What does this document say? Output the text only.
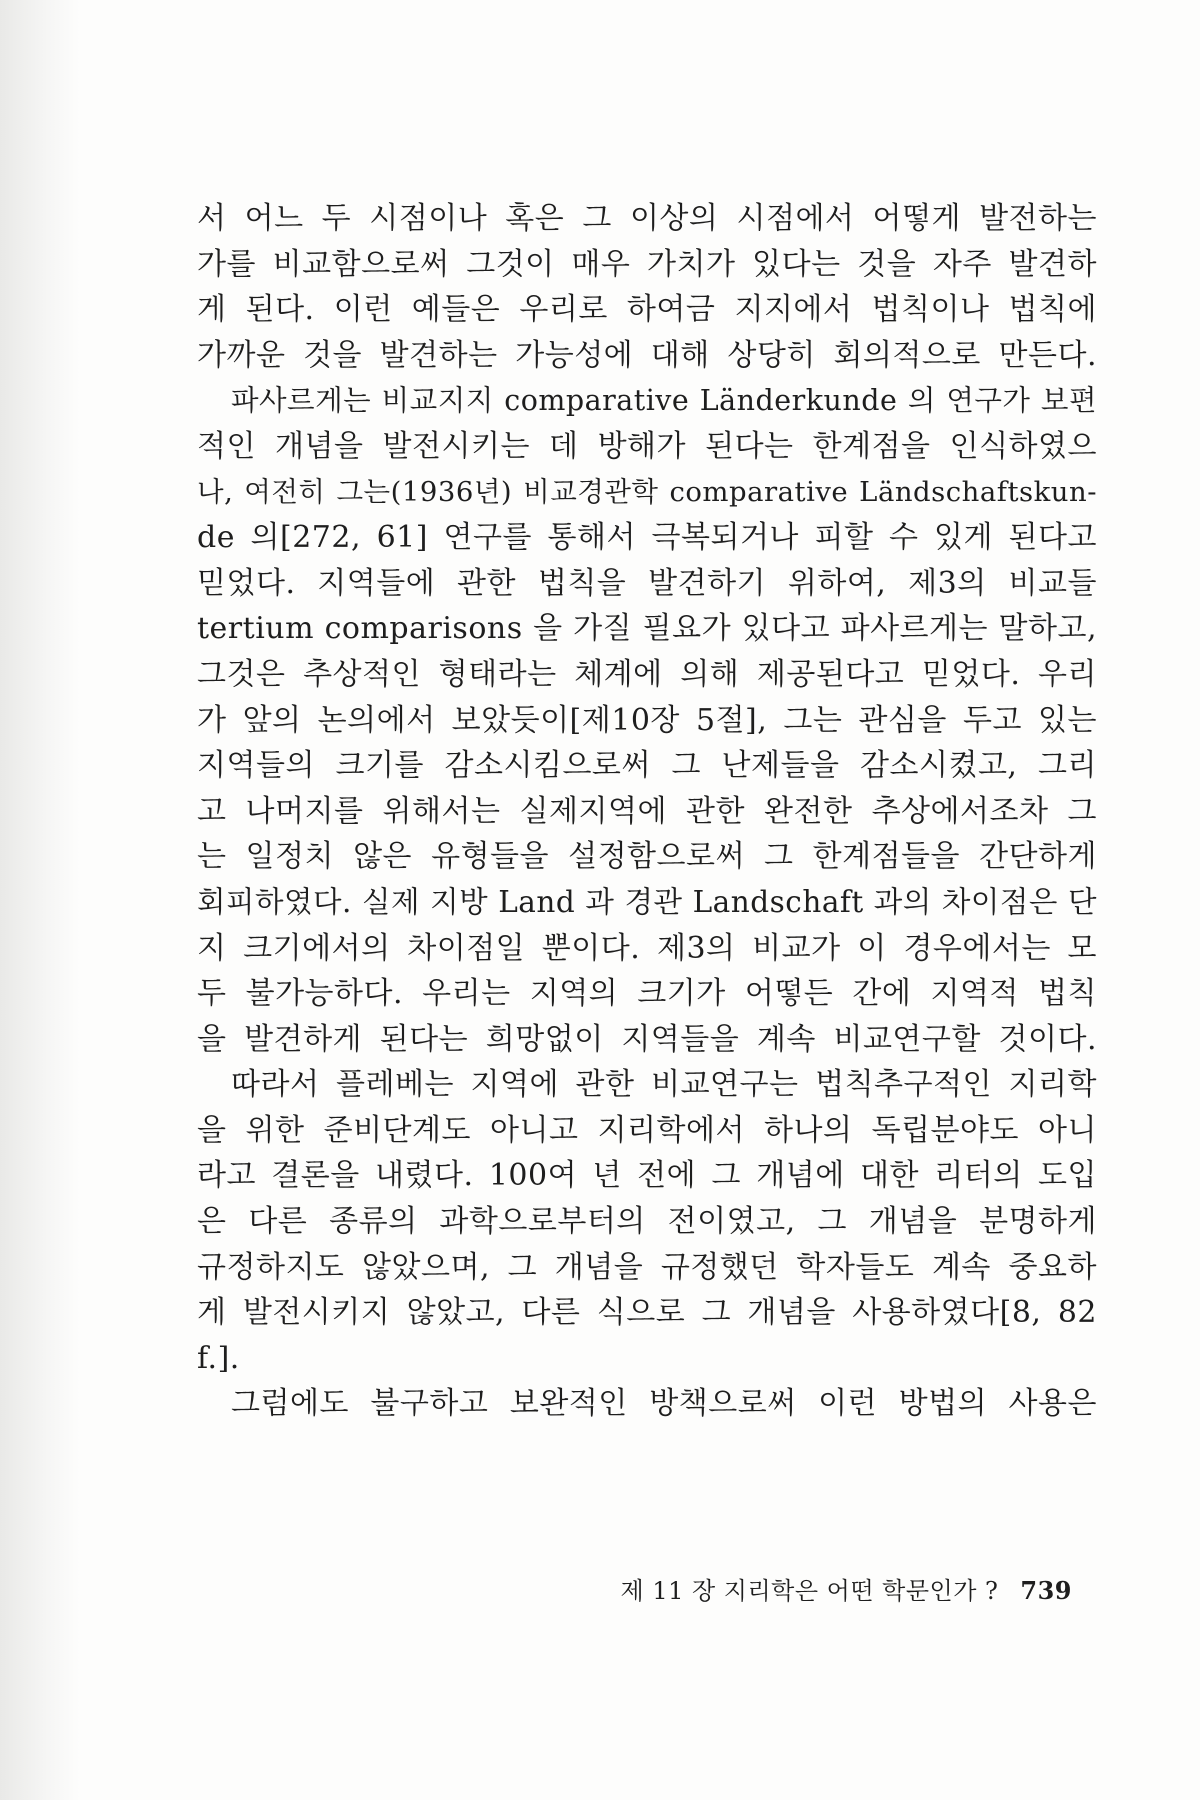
서 어느 두 시점이나 혹은 그 이상의 시점에서 어떻게 발전하는
가를 비교함으로써 그것이 매우 가치가 있다는 것을 자주 발견하
게 된다. 이런 예들은 우리로 하여금 지지에서 법칙이나 법칙에
가까운 것을 발견하는 가능성에 대해 상당히 회의적으로 만든다.
파사르게는 비교지지 comparative Länderkunde 의 연구가 보편
적인 개념을 발전시키는 데 방해가 된다는 한계점을 인식하였으
나, 여전히 그는(1936년) 비교경관학 comparative Ländschaftskun-
de 의[272, 61] 연구를 통해서 극복되거나 피할 수 있게 된다고
믿었다. 지역들에 관한 법칙을 발견하기 위하여, 제3의 비교들
tertium comparisons 을 가질 필요가 있다고 파사르게는 말하고,
그것은 추상적인 형태라는 체계에 의해 제공된다고 믿었다. 우리
가 앞의 논의에서 보았듯이[제10장 5절], 그는 관심을 두고 있는
지역들의 크기를 감소시킴으로써 그 난제들을 감소시켰고, 그리
고 나머지를 위해서는 실제지역에 관한 완전한 추상에서조차 그
는 일정치 않은 유형들을 설정함으로써 그 한계점들을 간단하게
회피하였다. 실제 지방 Land 과 경관 Landschaft 과의 차이점은 단
지 크기에서의 차이점일 뿐이다. 제3의 비교가 이 경우에서는 모
두 불가능하다. 우리는 지역의 크기가 어떻든 간에 지역적 법칙
을 발견하게 된다는 희망없이 지역들을 계속 비교연구할 것이다.
따라서 플레베는 지역에 관한 비교연구는 법칙추구적인 지리학
을 위한 준비단계도 아니고 지리학에서 하나의 독립분야도 아니
라고 결론을 내렸다. 100여 년 전에 그 개념에 대한 리터의 도입
은 다른 종류의 과학으로부터의 전이였고, 그 개념을 분명하게
규정하지도 않았으며, 그 개념을 규정했던 학자들도 계속 중요하
게 발전시키지 않았고, 다른 식으로 그 개념을 사용하였다[8, 82
f.].
그럼에도 불구하고 보완적인 방책으로써 이런 방법의 사용은
제 11 장 지리학은 어떤 학문인가 ? 739
